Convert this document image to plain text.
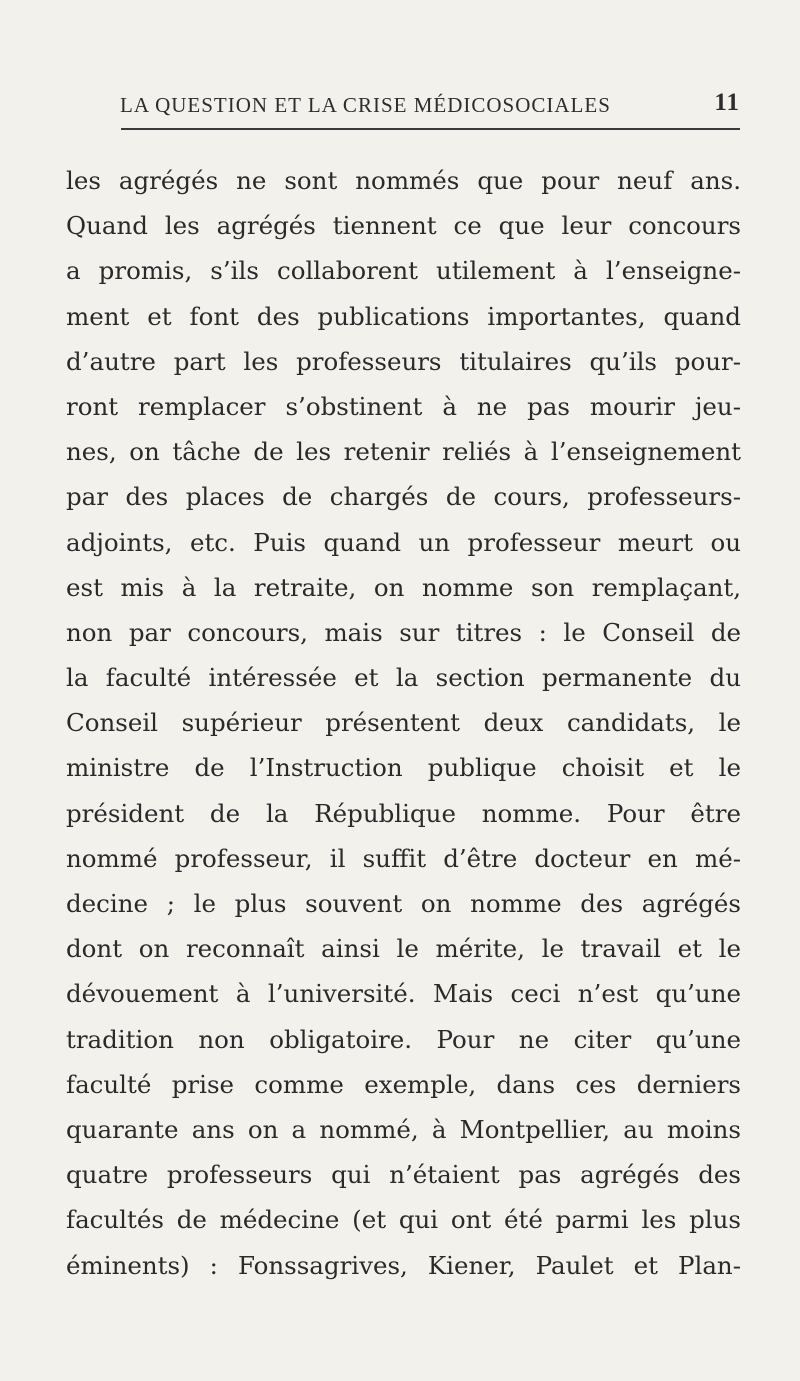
LA QUESTION ET LA CRISE MÉDICOSOCIALES	11
les agrégés ne sont nommés que pour neuf ans.
Quand les agrégés tiennent ce que leur concours
a promis, s’ils collaborent utilement à l’enseigne-
ment et font des publications importantes, quand
d’autre part les professeurs titulaires qu’ils pour-
ront remplacer s’obstinent à ne pas mourir jeu-
nes, on tâche de les retenir reliés à l’enseignement
par des places de chargés de cours, professeurs-
adjoints, etc. Puis quand un professeur meurt ou
est mis à la retraite, on nomme son remplaçant,
non par concours, mais sur titres : le Conseil de
la faculté intéressée et la section permanente du
Conseil supérieur présentent deux candidats, le
ministre de l’Instruction publique choisit et le
président de la République nomme. Pour être
nommé professeur, il suffit d’être docteur en mé-
decine ; le plus souvent on nomme des agrégés
dont on reconnaît ainsi le mérite, le travail et le
dévouement à l’université. Mais ceci n’est qu’une
tradition non obligatoire. Pour ne citer qu’une
faculté prise comme exemple, dans ces derniers
quarante ans on a nommé, à Montpellier, au moins
quatre professeurs qui n’étaient pas agrégés des
facultés de médecine (et qui ont été parmi les plus
éminents) : Fonssagrives, Kiener, Paulet et Plan-
